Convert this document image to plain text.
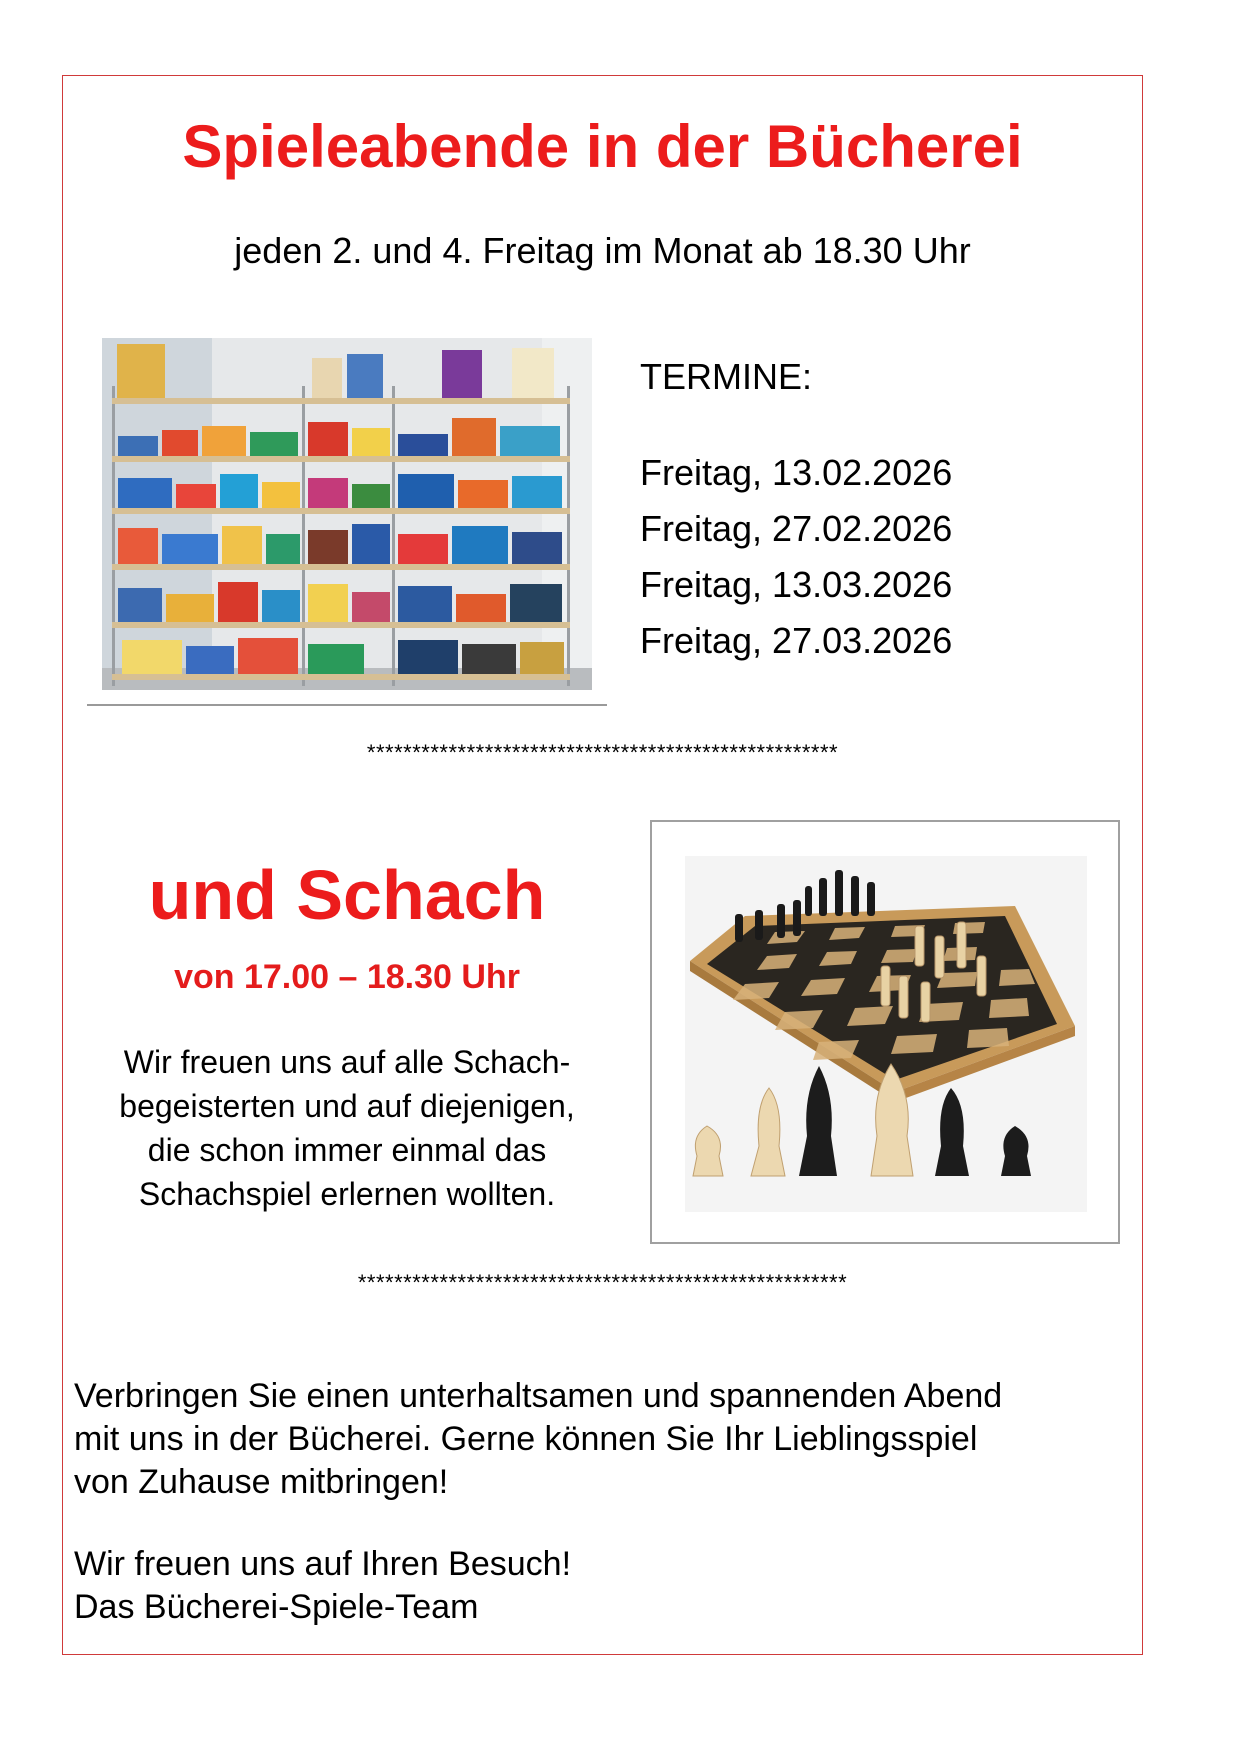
Spieleabende in der Bücherei
jeden 2. und 4. Freitag im Monat ab 18.30 Uhr
TERMINE:
Freitag, 13.02.2026
Freitag, 27.02.2026
Freitag, 13.03.2026
Freitag, 27.03.2026
****************************************************
und Schach
von 17.00 – 18.30 Uhr
Wir freuen uns auf alle Schach-
begeisterten und auf diejenigen,
die schon immer einmal das
Schachspiel erlernen wollten.
******************************************************
Verbringen Sie einen unterhaltsamen und spannenden Abend
mit uns in der Bücherei. Gerne können Sie Ihr Lieblingsspiel
von Zuhause mitbringen!
Wir freuen uns auf Ihren Besuch!
Das Bücherei-Spiele-Team
